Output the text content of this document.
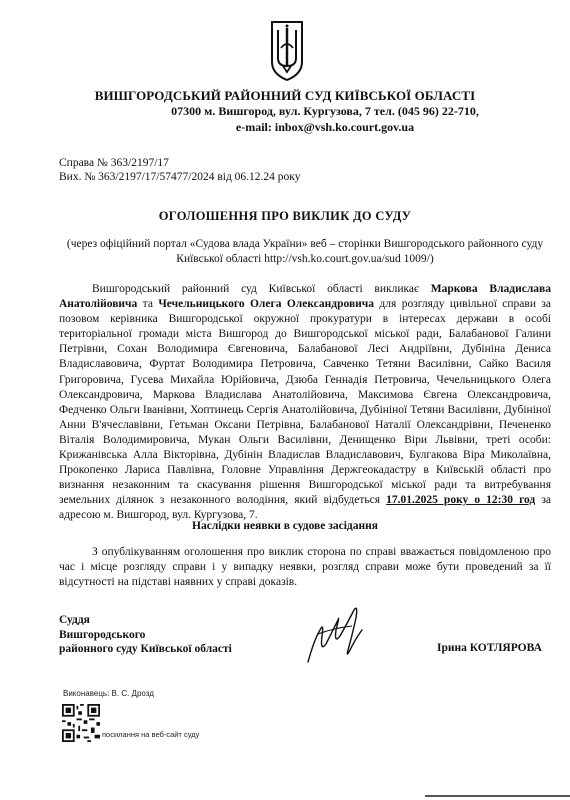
ВИШГОРОДСЬКИЙ РАЙОННИЙ СУД КИЇВСЬКОЇ ОБЛАСТІ
07300 м. Вишгород, вул. Кургузова, 7 тел. (045 96) 22-710,
e-mail: inbox@vsh.ko.court.gov.ua
Справа № 363/2197/17
Вих. № 363/2197/17/57477/2024 від 06.12.24 року
ОГОЛОШЕННЯ ПРО ВИКЛИК ДО СУДУ
(через офіційний портал «Судова влада України» веб – сторінки Вишгородського районного суду Київської області http://vsh.ko.court.gov.ua/sud 1009/)
Вишгородський районний суд Київської області викликає Маркова Владислава Анатолійовича та Чечельницького Олега Олександровича для розгляду цивільної справи за позовом керівника Вишгородської окружної прокуратури в інтересах держави в особі територіальної громади міста Вишгород до Вишгородської міської ради, Балабанової Галини Петрівни, Сохан Володимира Євгеновича, Балабанової Лесі Андріївни, Дубініна Дениса Владиславовича, Фуртат Володимира Петровича, Савченко Тетяни Василівни, Сайко Василя Григоровича, Гусева Михайла Юрійовича, Дзюба Геннадія Петровича, Чечельницького Олега Олександровича, Маркова Владислава Анатолійовича, Максимова Євгена Олександровича, Федченко Ольги Іванівни, Хоптинець Сергія Анатолійовича, Дубініної Тетяни Василівни, Дубініної Анни В'ячеславівни, Гетьман Оксани Петрівна, Балабанової Наталії Олександрівни, Печененко Віталія Володимировича, Мукан Ольги Василівни, Денищенко Віри Львівни, треті особи: Крижанівська Алла Вікторівна, Дубінін Владислав Владиславович, Булгакова Віра Миколаївна, Прокопенко Лариса Павлівна, Головне Управління Держгеокадастру в Київській області про визнання незаконним та скасування рішення Вишгородської міської ради та витребування земельних ділянок з незаконного володіння, який відбудеться 17.01.2025 року о 12:30 год за адресою м. Вишгород, вул. Кургузова, 7.
Наслідки неявки в судове засідання
З опублікуванням оголошення про виклик сторона по справі вважається повідомленою про час і місце розгляду справи і у випадку неявки, розгляд справи може бути проведений за її відсутності на підставі наявних у справі доказів.
Суддя
Вишгородського
районного суду Київської області	Ірина КОТЛЯРОВА
Виконавець: В. С. Дрозд
посилання на веб-сайт суду
